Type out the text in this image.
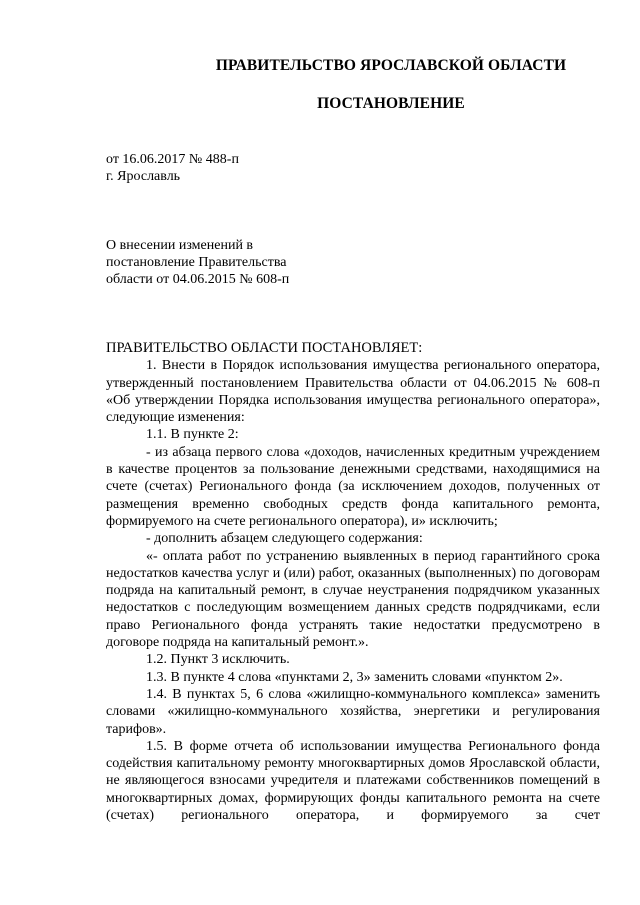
ПРАВИТЕЛЬСТВО ЯРОСЛАВСКОЙ ОБЛАСТИ
ПОСТАНОВЛЕНИЕ
от 16.06.2017 № 488-п
г. Ярославль
О внесении изменений в
постановление Правительства
области от 04.06.2015 № 608-п

ПРАВИТЕЛЬСТВО ОБЛАСТИ ПОСТАНОВЛЯЕТ:

1. Внести в Порядок использования имущества регионального оператора, утвержденный постановлением Правительства области от 04.06.2015 № 608-п «Об утверждении Порядка использования имущества регионального оператора», следующие изменения:

1.1. В пункте 2:

- из абзаца первого слова «доходов, начисленных кредитным учреждением в качестве процентов за пользование денежными средствами, находящимися на счете (счетах) Регионального фонда (за исключением доходов, полученных от размещения временно свободных средств фонда капитального ремонта, формируемого на счете регионального оператора), и» исключить;

- дополнить абзацем следующего содержания:

«- оплата работ по устранению выявленных в период гарантийного срока недостатков качества услуг и (или) работ, оказанных (выполненных) по договорам подряда на капитальный ремонт, в случае неустранения подрядчиком указанных недостатков с последующим возмещением данных средств подрядчиками, если право Регионального фонда устранять такие недостатки предусмотрено в договоре подряда на капитальный ремонт.».

1.2. Пункт 3 исключить.

1.3. В пункте 4 слова «пунктами 2, 3» заменить словами «пунктом 2».

1.4. В пунктах 5, 6 слова «жилищно-коммунального комплекса» заменить словами «жилищно-коммунального хозяйства, энергетики и регулирования тарифов».

1.5. В форме отчета об использовании имущества Регионального фонда содействия капитальному ремонту многоквартирных домов Ярославской области, не являющегося взносами учредителя и платежами собственников помещений в многоквартирных домах, формирующих фонды капитального ремонта на счете (счетах) регионального оператора, и формируемого за счет
